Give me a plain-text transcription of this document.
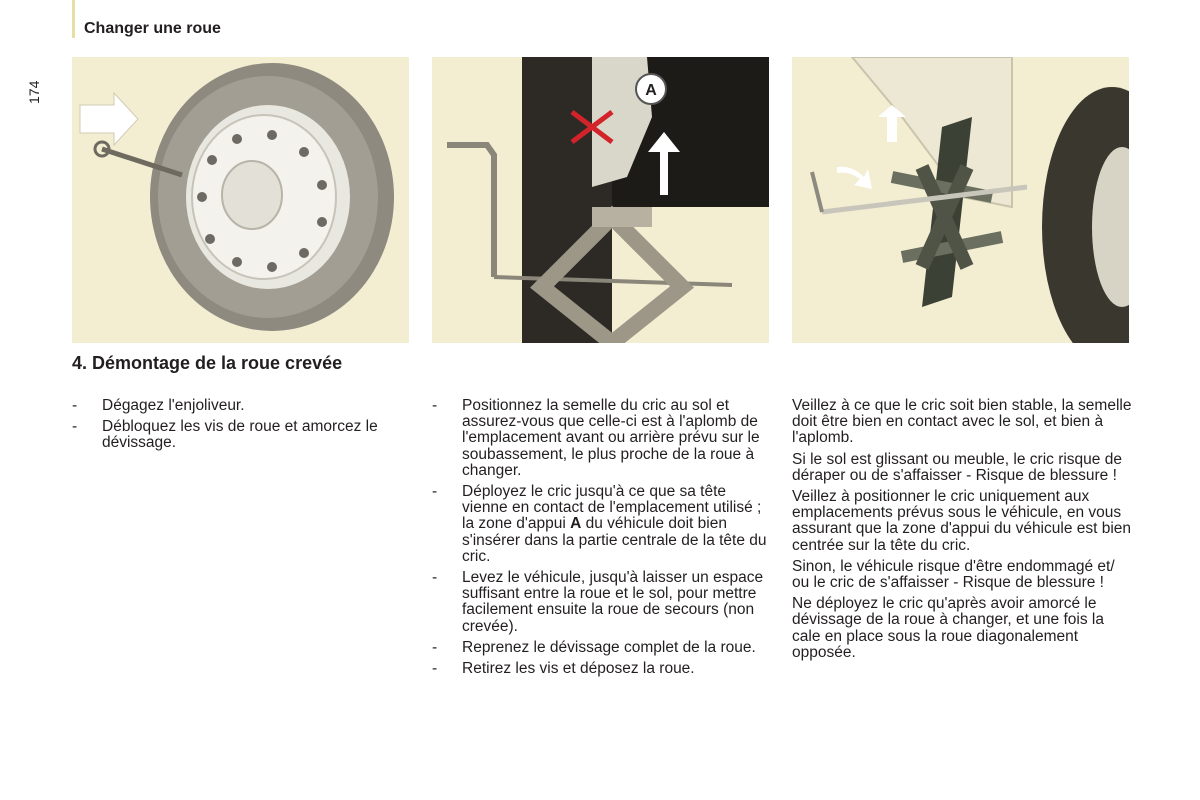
Changer une roue
174	A
4. Démontage de la roue crevée
- Dégagez l'enjoliveur.
- Débloquez les vis de roue et amorcez le dévissage.
- Positionnez la semelle du cric au sol et assurez-vous que celle-ci est à l'aplomb de l'emplacement avant ou arrière prévu sur le soubassement, le plus proche de la roue à changer.
- Déployez le cric jusqu'à ce que sa tête vienne en contact de l'emplacement utilisé ; la zone d'appui A du véhicule doit bien s'insérer dans la partie centrale de la tête du cric.
- Levez le véhicule, jusqu'à laisser un espace suffisant entre la roue et le sol, pour mettre facilement ensuite la roue de secours (non crevée).
- Reprenez le dévissage complet de la roue.
- Retirez les vis et déposez la roue.

Veillez à ce que le cric soit bien stable, la semelle doit être bien en contact avec le sol, et bien à l'aplomb.

Si le sol est glissant ou meuble, le cric risque de déraper ou de s'affaisser - Risque de blessure !

Veillez à positionner le cric uniquement aux emplacements prévus sous le véhicule, en vous assurant que la zone d'appui du véhicule est bien centrée sur la tête du cric.

Sinon, le véhicule risque d'être endommagé et/ ou le cric de s'affaisser - Risque de blessure !

Ne déployez le cric qu'après avoir amorcé le dévissage de la roue à changer, et une fois la cale en place sous la roue diagonalement opposée.
